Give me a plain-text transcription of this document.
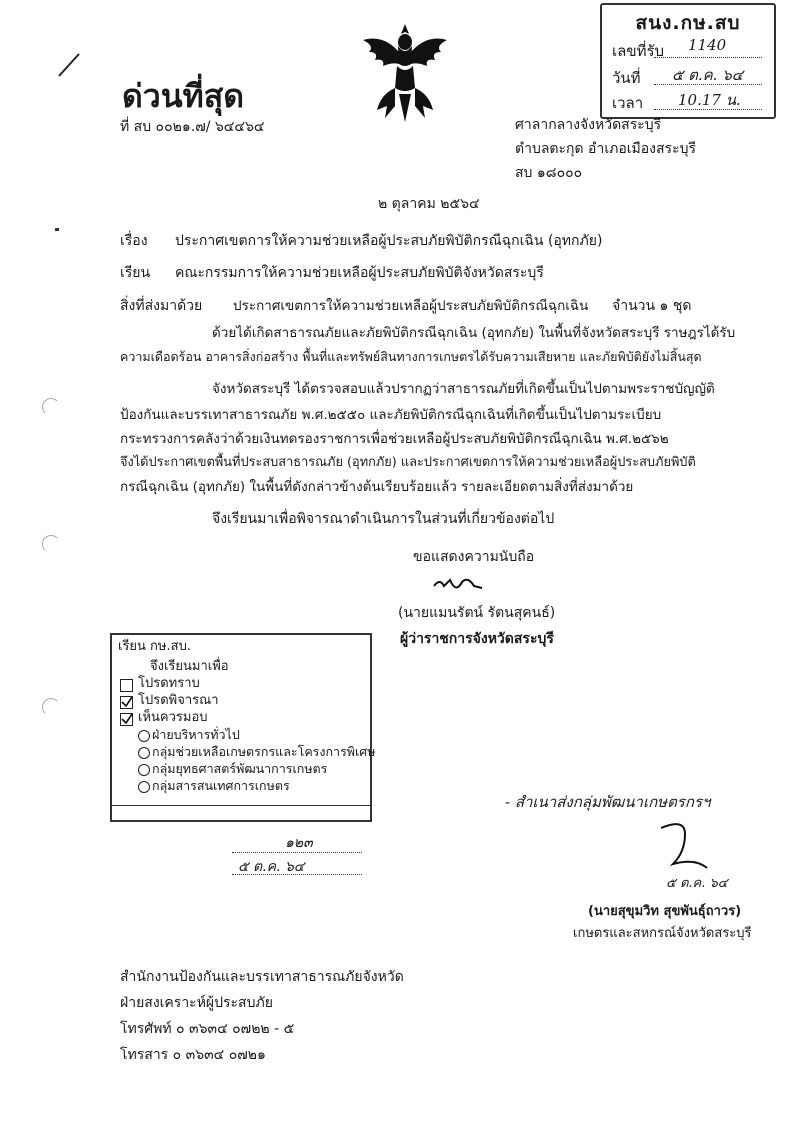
ด่วนที่สุด
ที่ สบ ๐๐๒๑.๗/ ๖๔๔๖๔
สนง.กษ.สบ
เลขที่รับ 1140
วันที่ ๕ ต.ค. ๖๔
เวลา 10.17 น.
ศาลากลางจังหวัดสระบุรี
ตำบลตะกุด อำเภอเมืองสระบุรี
สบ ๑๘๐๐๐
๒ ตุลาคม ๒๕๖๔
เรื่อง ประกาศเขตการให้ความช่วยเหลือผู้ประสบภัยพิบัติกรณีฉุกเฉิน (อุทกภัย)
เรียน คณะกรรมการให้ความช่วยเหลือผู้ประสบภัยพิบัติจังหวัดสระบุรี
สิ่งที่ส่งมาด้วย ประกาศเขตการให้ความช่วยเหลือผู้ประสบภัยพิบัติกรณีฉุกเฉิน จำนวน ๑ ชุด
ด้วยได้เกิดสาธารณภัยและภัยพิบัติกรณีฉุกเฉิน (อุทกภัย) ในพื้นที่จังหวัดสระบุรี ราษฎรได้รับ
ความเดือดร้อน อาคารสิ่งก่อสร้าง พื้นที่และทรัพย์สินทางการเกษตรได้รับความเสียหาย และภัยพิบัติยังไม่สิ้นสุด
จังหวัดสระบุรี ได้ตรวจสอบแล้วปรากฏว่าสาธารณภัยที่เกิดขึ้นเป็นไปตามพระราชบัญญัติ
ป้องกันและบรรเทาสาธารณภัย พ.ศ.๒๕๕๐ และภัยพิบัติกรณีฉุกเฉินที่เกิดขึ้นเป็นไปตามระเบียบ
กระทรวงการคลังว่าด้วยเงินทดรองราชการเพื่อช่วยเหลือผู้ประสบภัยพิบัติกรณีฉุกเฉิน พ.ศ.๒๕๖๒
จึงได้ประกาศเขตพื้นที่ประสบสาธารณภัย (อุทกภัย) และประกาศเขตการให้ความช่วยเหลือผู้ประสบภัยพิบัติ
กรณีฉุกเฉิน (อุทกภัย) ในพื้นที่ดังกล่าวข้างต้นเรียบร้อยแล้ว รายละเอียดตามสิ่งที่ส่งมาด้วย
จึงเรียนมาเพื่อพิจารณาดำเนินการในส่วนที่เกี่ยวข้องต่อไป
ขอแสดงความนับถือ
(นายแมนรัตน์ รัตนสุคนธ์)
ผู้ว่าราชการจังหวัดสระบุรี
เรียน กษ.สบ.
จึงเรียนมาเพื่อ
โปรดทราบ
โปรดพิจารณา
เห็นควรมอบ
ฝ่ายบริหารทั่วไป
กลุ่มช่วยเหลือเกษตรกรและโครงการพิเศษ
กลุ่มยุทธศาสตร์พัฒนาการเกษตร
กลุ่มสารสนเทศการเกษตร
๑๒๓
๕ ต.ค. ๖๔
- สำเนาส่งกลุ่มพัฒนาเกษตรกรฯ
๕ ต.ค. ๖๔
(นายสุขุมวิท สุขพันธุ์ถาวร)
เกษตรและสหกรณ์จังหวัดสระบุรี
สำนักงานป้องกันและบรรเทาสาธารณภัยจังหวัด
ฝ่ายสงเคราะห์ผู้ประสบภัย
โทรศัพท์ ๐ ๓๖๓๔ ๐๗๒๒ - ๕
โทรสาร ๐ ๓๖๓๔ ๐๗๒๑
